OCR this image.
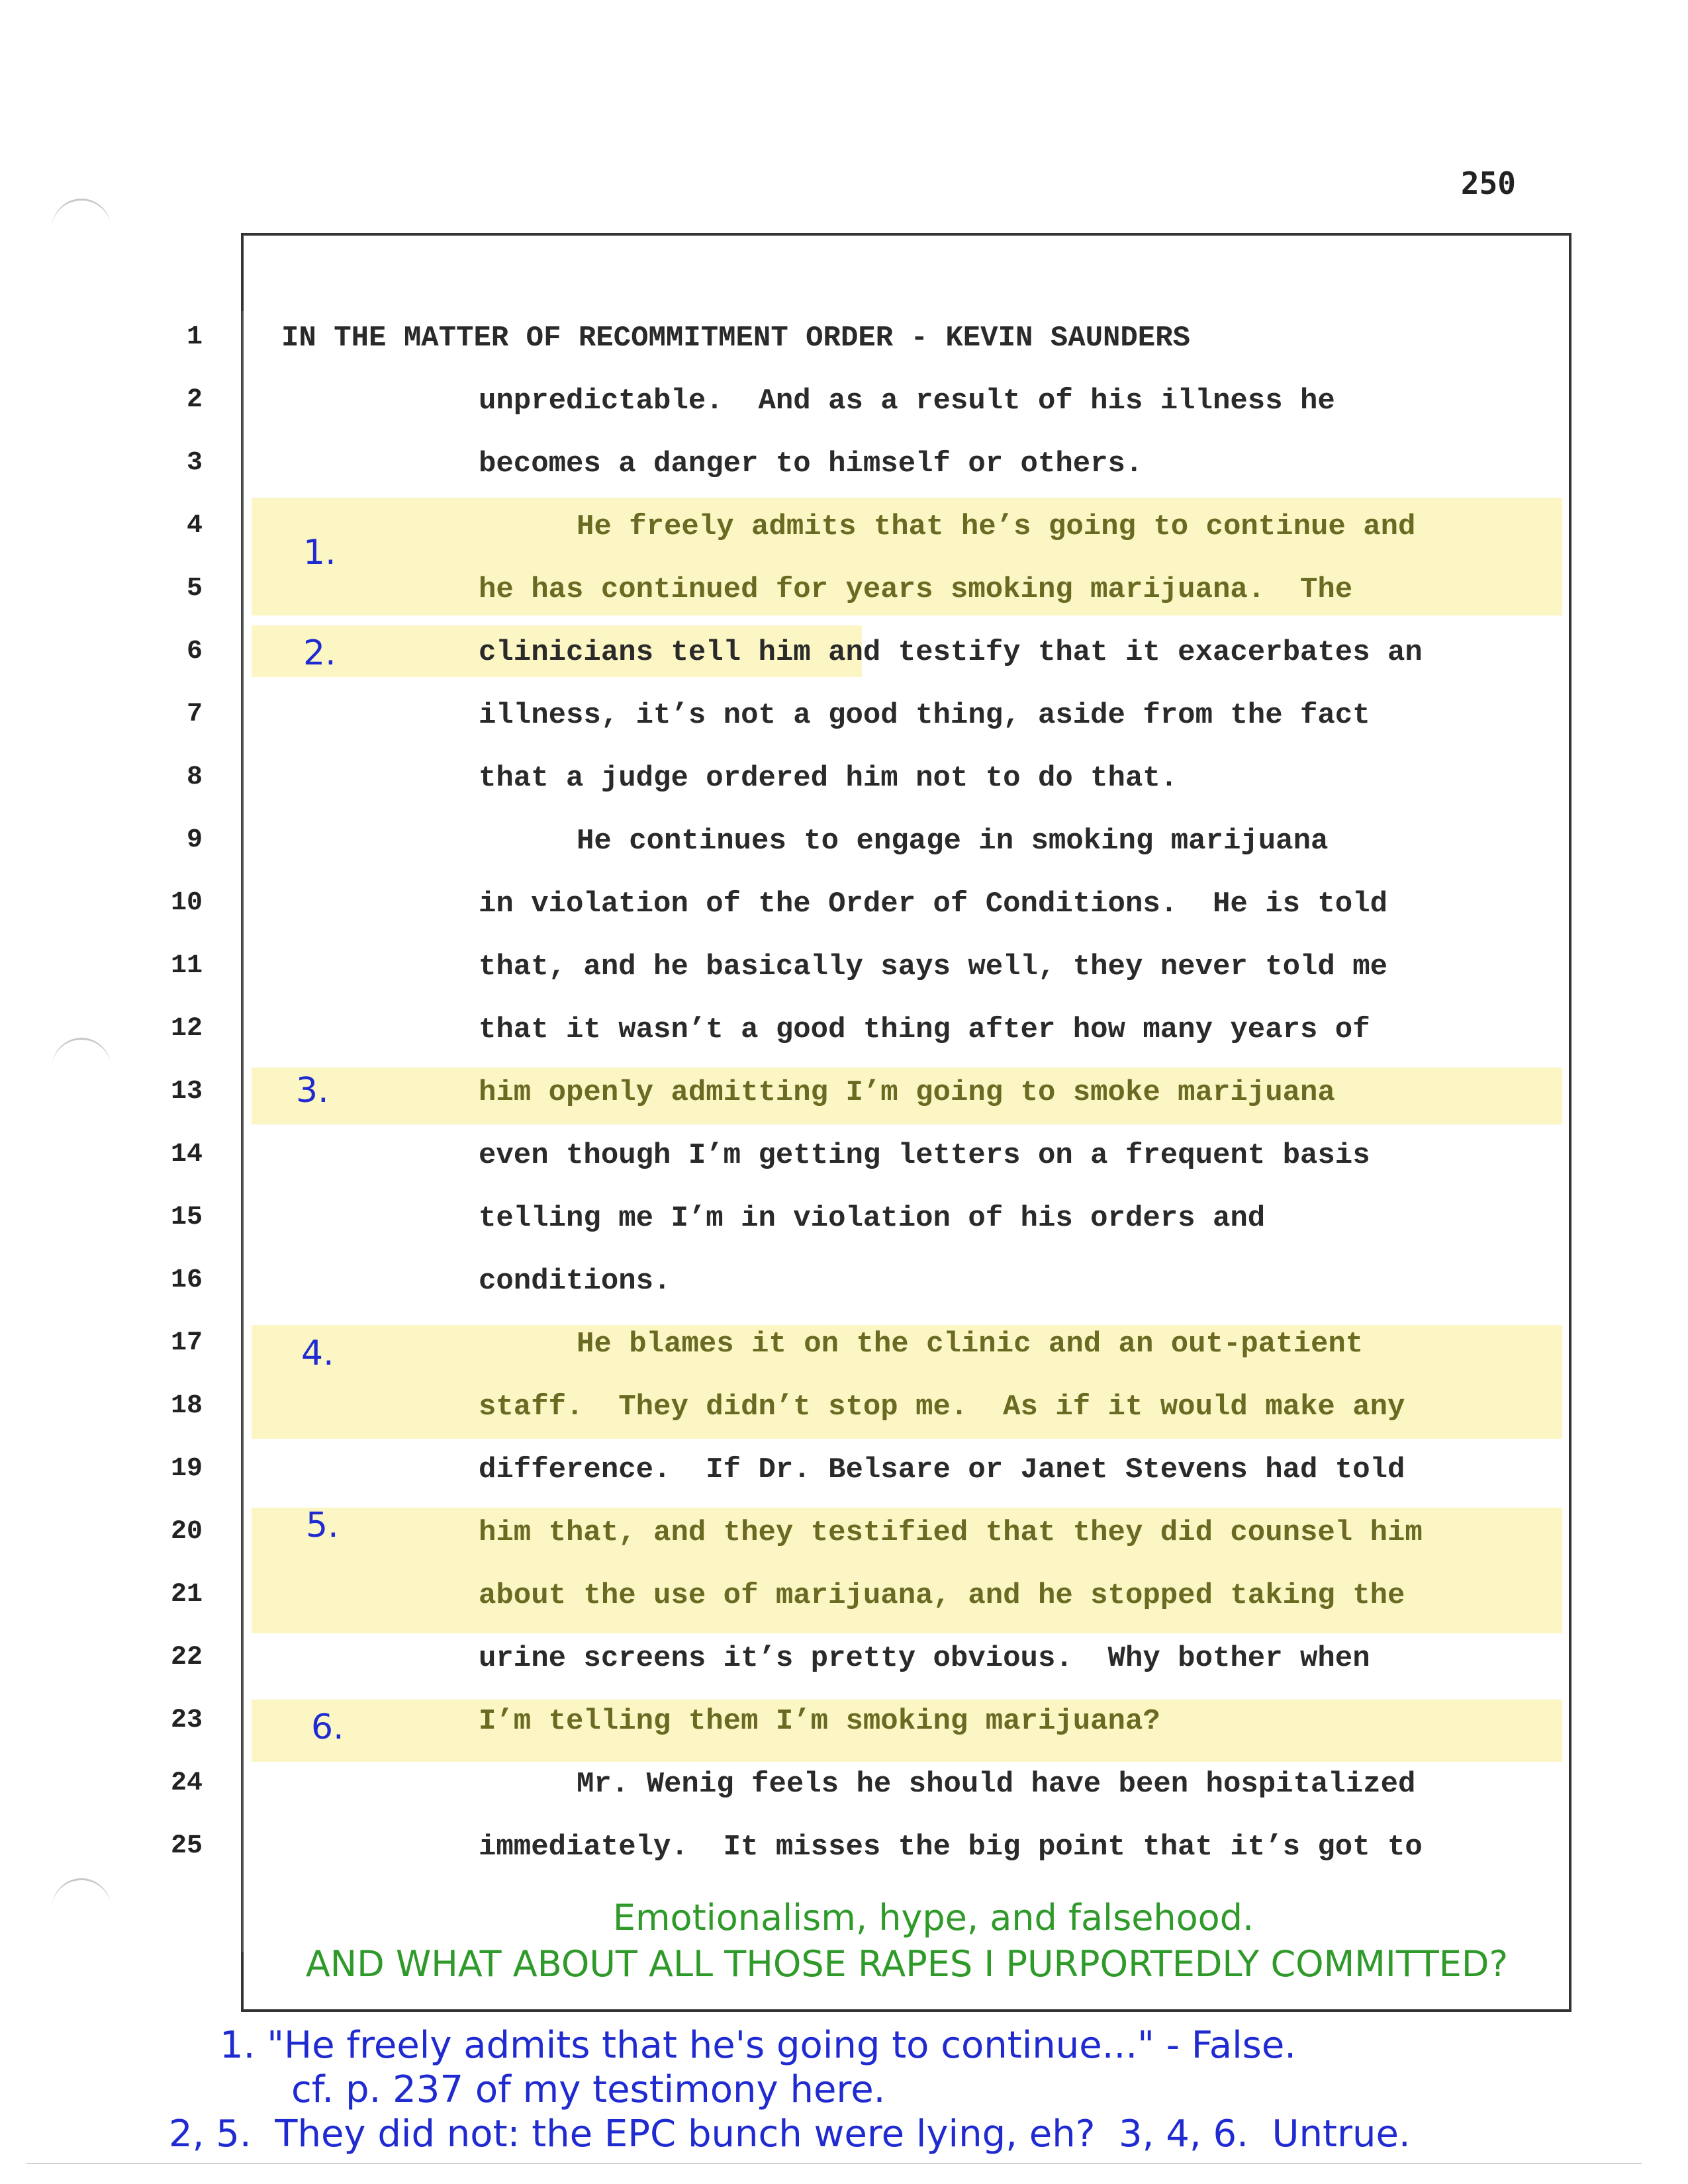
250
1
2
3
4
5
6
7
8
9
10
11
12
13
14
15
16
17
18
19
20
21
22
23
24
25
IN THE MATTER OF RECOMMITMENT ORDER - KEVIN SAUNDERS
unpredictable.  And as a result of his illness he
becomes a danger to himself or others.
He freely admits that he’s going to continue and
he has continued for years smoking marijuana.  The
clinicians tell him and testify that it exacerbates an
illness, it’s not a good thing, aside from the fact
that a judge ordered him not to do that.
He continues to engage in smoking marijuana
in violation of the Order of Conditions.  He is told
that, and he basically says well, they never told me
that it wasn’t a good thing after how many years of
him openly admitting I’m going to smoke marijuana
even though I’m getting letters on a frequent basis
telling me I’m in violation of his orders and
conditions.
He blames it on the clinic and an out-patient
staff.  They didn’t stop me.  As if it would make any
difference.  If Dr. Belsare or Janet Stevens had told
him that, and they testified that they did counsel him
about the use of marijuana, and he stopped taking the
urine screens it’s pretty obvious.  Why bother when
I’m telling them I’m smoking marijuana?
Mr. Wenig feels he should have been hospitalized
immediately.  It misses the big point that it’s got to
1.
2.
3.
4.
5.
6.
Emotionalism, hype, and falsehood.
AND WHAT ABOUT ALL THOSE RAPES I PURPORTEDLY COMMITTED?
1. "He freely admits that he's going to continue..." - False.
cf. p. 237 of my testimony here.
2, 5.  They did not: the EPC bunch were lying, eh?  3, 4, 6.  Untrue.
